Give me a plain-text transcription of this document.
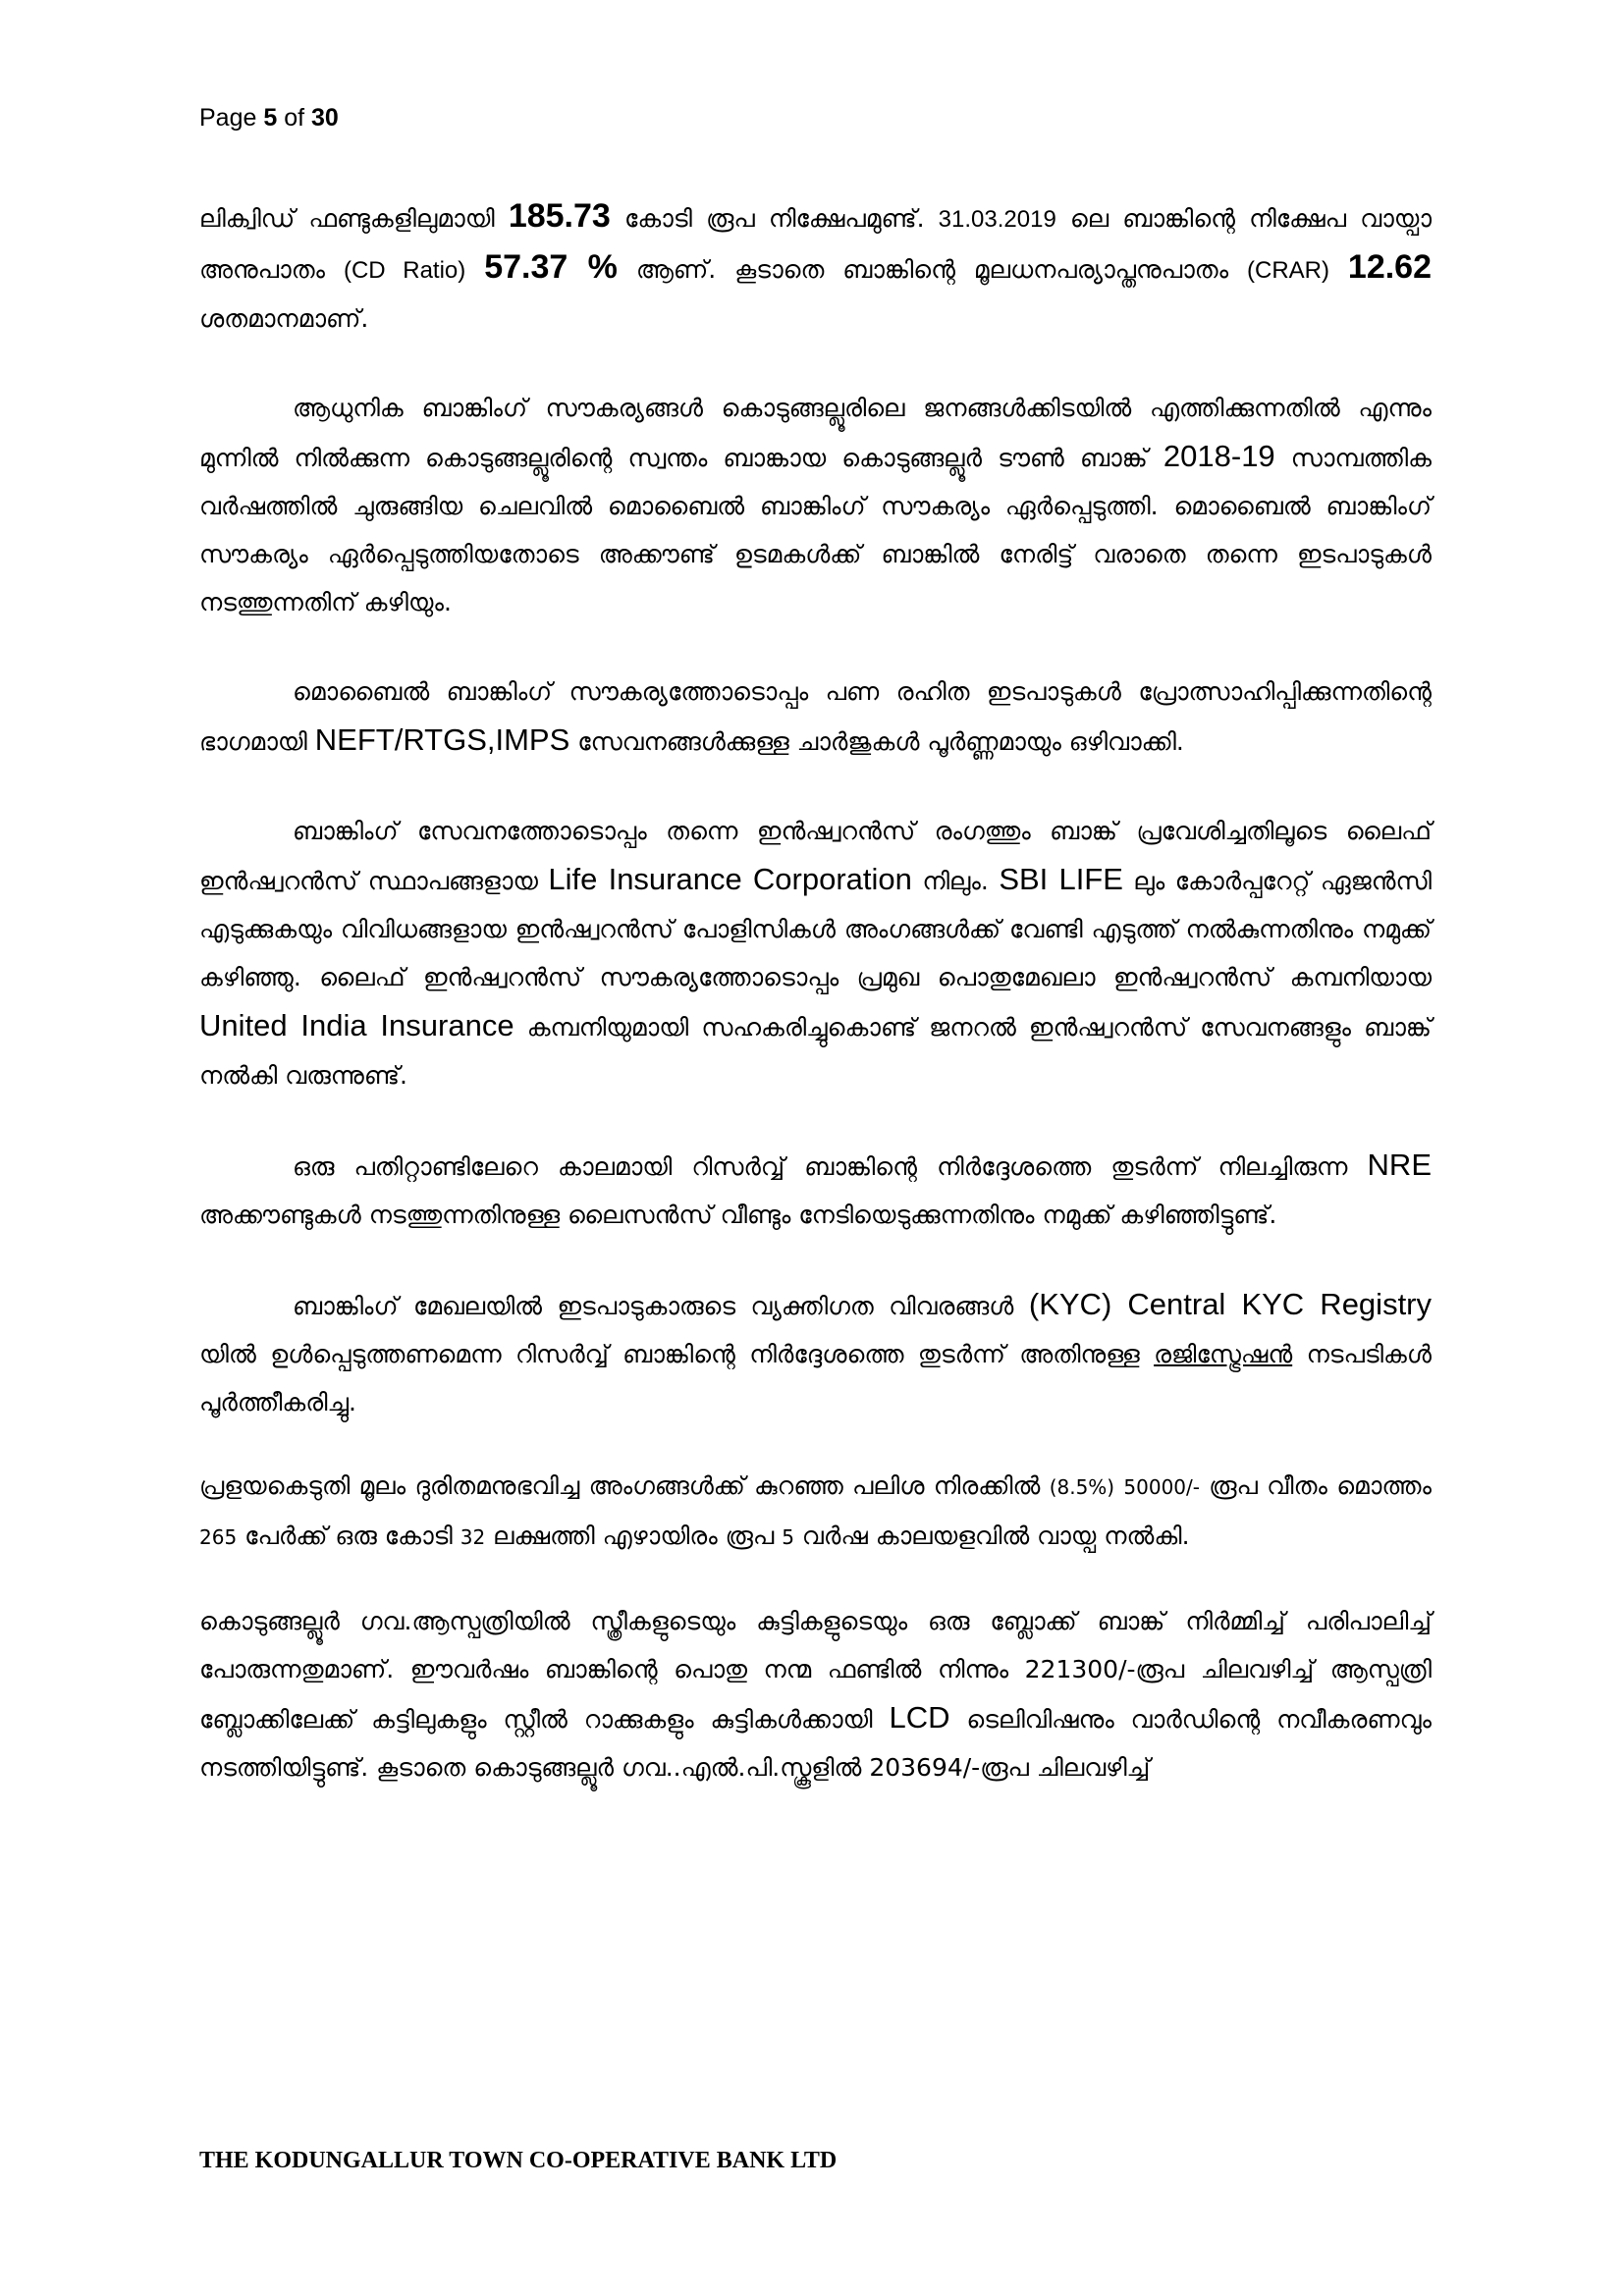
Page 5 of 30

ലിക്വിഡ് ഫണ്ടുകളിലുമായി 185.73 കോടി രൂപ നിക്ഷേപമുണ്ട്. 31.03.2019 ലെ ബാങ്കിന്റെ നിക്ഷേപ വായ്പാ അനുപാതം (CD Ratio) 57.37 % ആണ്. കൂടാതെ ബാങ്കിന്റെ മൂലധനപര്യാപ്തനുപാതം (CRAR) 12.62 ശതമാനമാണ്.

ആധുനിക ബാങ്കിംഗ് സൗകര്യങ്ങൾ കൊടുങ്ങല്ലൂരിലെ ജനങ്ങൾക്കിടയിൽ എത്തിക്കുന്നതിൽ എന്നും മുന്നിൽ നിൽക്കുന്ന കൊടുങ്ങല്ലൂരിന്റെ സ്വന്തം ബാങ്കായ കൊടുങ്ങല്ലൂർ ടൗൺ ബാങ്ക് 2018-19 സാമ്പത്തിക വർഷത്തിൽ ചുരുങ്ങിയ ചെലവിൽ മൊബൈൽ ബാങ്കിംഗ് സൗകര്യം ഏർപ്പെടുത്തി. മൊബൈൽ ബാങ്കിംഗ് സൗകര്യം ഏർപ്പെടുത്തിയതോടെ അക്കൗണ്ട് ഉടമകൾക്ക് ബാങ്കിൽ നേരിട്ട് വരാതെ തന്നെ ഇടപാടുകൾ നടത്തുന്നതിന് കഴിയും.

മൊബൈൽ ബാങ്കിംഗ് സൗകര്യത്തോടൊപ്പം പണ രഹിത ഇടപാടുകൾ പ്രോത്സാഹിപ്പിക്കുന്നതിന്റെ ഭാഗമായി NEFT/RTGS,IMPS സേവനങ്ങൾക്കുള്ള ചാർജുകൾ പൂർണ്ണമായും ഒഴിവാക്കി.

ബാങ്കിംഗ് സേവനത്തോടൊപ്പം തന്നെ ഇൻഷ്വറൻസ് രംഗത്തും ബാങ്ക് പ്രവേശിച്ചതിലൂടെ ലൈഫ് ഇൻഷ്വറൻസ് സ്ഥാപങ്ങളായ Life Insurance Corporation നിലും. SBI LIFE ലും കോർപ്പറേറ്റ് ഏജൻസി എടുക്കുകയും വിവിധങ്ങളായ ഇൻഷ്വറൻസ് പോളിസികൾ അംഗങ്ങൾക്ക് വേണ്ടി എടുത്ത് നൽകുന്നതിനും നമുക്ക് കഴിഞ്ഞു. ലൈഫ് ഇൻഷ്വറൻസ് സൗകര്യത്തോടൊപ്പം പ്രമുഖ പൊതുമേഖലാ ഇൻഷ്വറൻസ് കമ്പനിയായ United India Insurance കമ്പനിയുമായി സഹകരിച്ചുകൊണ്ട് ജനറൽ ഇൻഷ്വറൻസ് സേവനങ്ങളും ബാങ്ക് നൽകി വരുന്നുണ്ട്.

ഒരു പതിറ്റാണ്ടിലേറെ കാലമായി റിസർവ്വ് ബാങ്കിന്റെ നിർദ്ദേശത്തെ തുടർന്ന് നിലച്ചിരുന്ന NRE അക്കൗണ്ടുകൾ നടത്തുന്നതിനുള്ള ലൈസൻസ് വീണ്ടും നേടിയെടുക്കുന്നതിനും നമുക്ക് കഴിഞ്ഞിട്ടുണ്ട്.

ബാങ്കിംഗ് മേഖലയിൽ ഇടപാടുകാരുടെ വ്യക്തിഗത വിവരങ്ങൾ (KYC) Central KYC Registry യിൽ ഉൾപ്പെടുത്തണമെന്ന റിസർവ്വ് ബാങ്കിന്റെ നിർദ്ദേശത്തെ തുടർന്ന് അതിനുള്ള രജിസ്ട്രേഷൻ നടപടികൾ പൂർത്തീകരിച്ചു.

പ്രളയകെടുതി മൂലം ദുരിതമനുഭവിച്ച അംഗങ്ങൾക്ക് കുറഞ്ഞ പലിശ നിരക്കിൽ (8.5%) 50000/- രൂപ വീതം മൊത്തം 265 പേർക്ക് ഒരു കോടി 32 ലക്ഷത്തി എഴായിരം രൂപ 5 വർഷ കാലയളവിൽ വായ്പ നൽകി.

കൊടുങ്ങല്ലൂർ ഗവ.ആസ്പത്രിയിൽ സ്ത്രീകളുടെയും കുട്ടികളുടെയും ഒരു ബ്ലോക്ക് ബാങ്ക് നിർമ്മിച്ച് പരിപാലിച്ച് പോരുന്നതുമാണ്. ഈവർഷം ബാങ്കിന്റെ പൊതു നന്മ ഫണ്ടിൽ നിന്നും 221300/-രൂപ ചിലവഴിച്ച് ആസ്പത്രി ബ്ലോക്കിലേക്ക് കട്ടിലുകളും സ്റ്റീൽ റാക്കുകളും കുട്ടികൾക്കായി LCD ടെലിവിഷനും വാർഡിന്റെ നവീകരണവും നടത്തിയിട്ടുണ്ട്. കൂടാതെ കൊടുങ്ങല്ലൂർ ഗവ..എൽ.പി.സ്കൂളിൽ 203694/-രൂപ ചിലവഴിച്ച്

THE KODUNGALLUR TOWN CO-OPERATIVE BANK LTD
